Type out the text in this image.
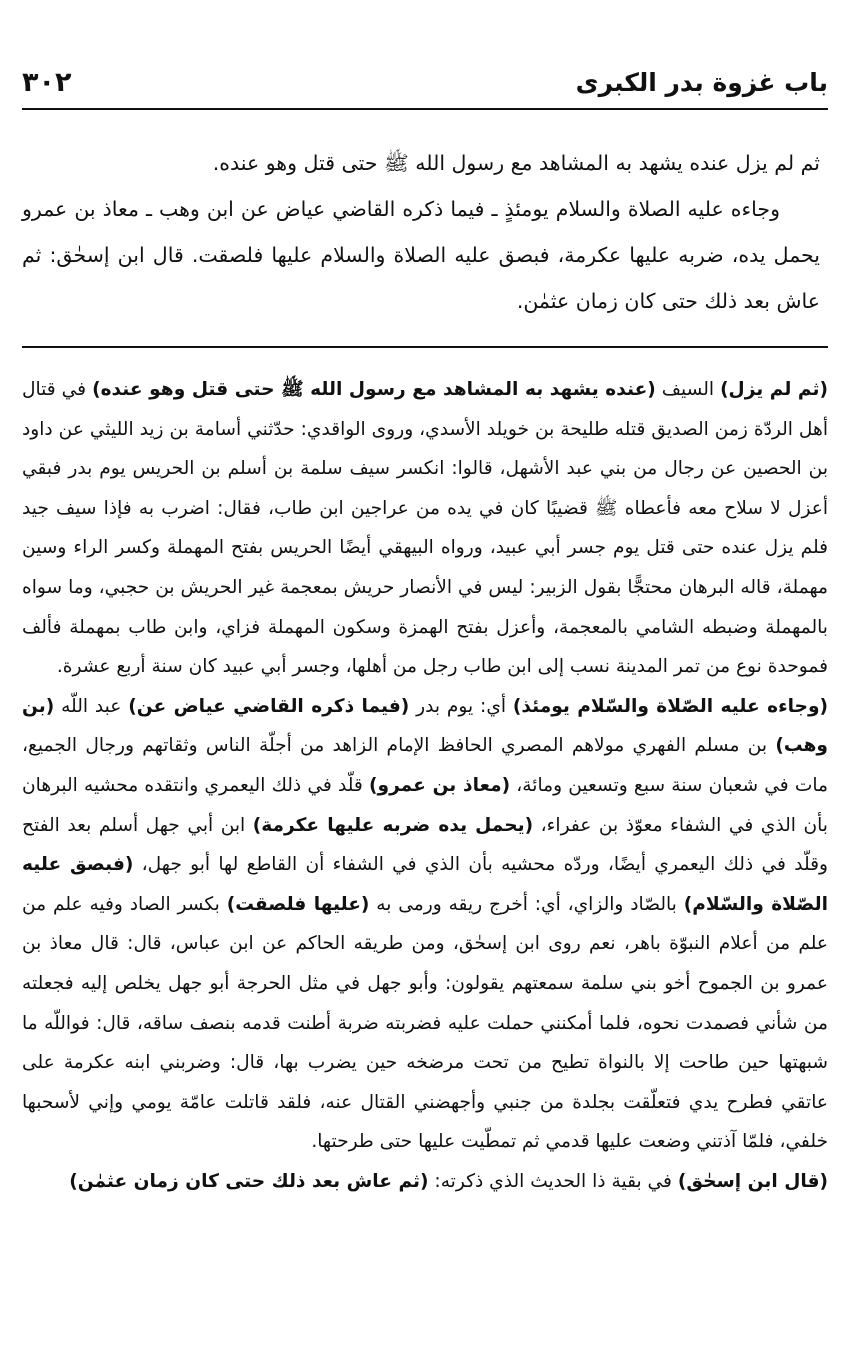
٣٠٢	باب غزوة بدر الكبرى

ثم لم يزل عنده يشهد به المشاهد مع رسول الله ﷺ حتى قتل وهو عنده.

وجاءه عليه الصلاة والسلام يومئذٍ ـ فيما ذكره القاضي عياض عن ابن وهب ـ معاذ بن عمرو يحمل يده، ضربه عليها عكرمة، فبصق عليه الصلاة والسلام عليها فلصقت. قال ابن إسحٰق: ثم عاش بعد ذلك حتى كان زمان عثمٰن.

(ثم لم يزل) السيف (عنده يشهد به المشاهد مع رسول الله ﷺ حتى قتل وهو عنده) في قتال أهل الردّة زمن الصديق قتله طليحة بن خويلد الأسدي، وروى الواقدي: حدّثني أسامة بن زيد الليثي عن داود بن الحصين عن رجال من بني عبد الأشهل، قالوا: انكسر سيف سلمة بن أسلم بن الحريس يوم بدر فبقي أعزل لا سلاح معه فأعطاه ﷺ قضيبًا كان في يده من عراجين ابن طاب، فقال: اضرب به فإذا سيف جيد فلم يزل عنده حتى قتل يوم جسر أبي عبيد، ورواه البيهقي أيضًا الحريس بفتح المهملة وكسر الراء وسين مهملة، قاله البرهان محتجًّا بقول الزبير: ليس في الأنصار حريش بمعجمة غير الحريش بن حجبي، وما سواه بالمهملة وضبطه الشامي بالمعجمة، وأعزل بفتح الهمزة وسكون المهملة فزاي، وابن طاب بمهملة فألف فموحدة نوع من تمر المدينة نسب إلى ابن طاب رجل من أهلها، وجسر أبي عبيد كان سنة أربع عشرة.

(وجاءه عليه الصّلاة والسّلام يومئذ) أي: يوم بدر (فيما ذكره القاضي عياض عن) عبد اللّه (بن وهب) بن مسلم الفهري مولاهم المصري الحافظ الإمام الزاهد من أجلّة الناس وثقاتهم ورجال الجميع، مات في شعبان سنة سبع وتسعين ومائة، (معاذ بن عمرو) قلّد في ذلك اليعمري وانتقده محشيه البرهان بأن الذي في الشفاء معوّذ بن عفراء، (يحمل يده ضربه عليها عكرمة) ابن أبي جهل أسلم بعد الفتح وقلّد في ذلك اليعمري أيضًا، وردّه محشيه بأن الذي في الشفاء أن القاطع لها أبو جهل، (فبصق عليه الصّلاة والسّلام) بالصّاد والزاي، أي: أخرج ريقه ورمى به (عليها فلصقت) بكسر الصاد وفيه علم من علم من أعلام النبوّة باهر، نعم روى ابن إسحٰق، ومن طريقه الحاكم عن ابن عباس، قال: قال معاذ بن عمرو بن الجموح أخو بني سلمة سمعتهم يقولون: وأبو جهل في مثل الحرجة أبو جهل يخلص إليه فجعلته من شأني فصمدت نحوه، فلما أمكنني حملت عليه فضربته ضربة أطنت قدمه بنصف ساقه، قال: فواللّه ما شبهتها حين طاحت إلا بالنواة تطيح من تحت مرضخه حين يضرب بها، قال: وضربني ابنه عكرمة على عاتقي فطرح يدي فتعلّقت بجلدة من جنبي وأجهضني القتال عنه، فلقد قاتلت عامّة يومي وإني لأسحبها خلفي، فلمّا آذتني وضعت عليها قدمي ثم تمطّيت عليها حتى طرحتها.

(قال ابن إسحٰق) في بقية ذا الحديث الذي ذكرته: (ثم عاش بعد ذلك حتى كان زمان عثمٰن)
